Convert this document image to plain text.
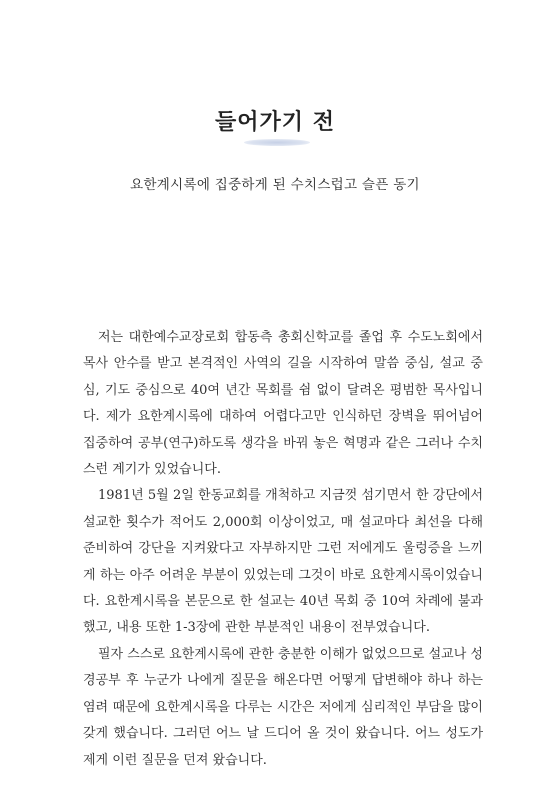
들어가기 전
요한계시록에 집중하게 된 수치스럽고 슬픈 동기

저는 대한예수교장로회 합동측 총회신학교를 졸업 후 수도노회에서 목사 안수를 받고 본격적인 사역의 길을 시작하여 말씀 중심, 설교 중심, 기도 중심으로 40여 년간 목회를 쉼 없이 달려온 평범한 목사입니다. 제가 요한계시록에 대하여 어렵다고만 인식하던 장벽을 뛰어넘어 집중하여 공부(연구)하도록 생각을 바꿔 놓은 혁명과 같은 그러나 수치스런 계기가 있었습니다.

1981년 5월 2일 한동교회를 개척하고 지금껏 섬기면서 한 강단에서 설교한 횟수가 적어도 2,000회 이상이었고, 매 설교마다 최선을 다해 준비하여 강단을 지켜왔다고 자부하지만 그런 저에게도 울렁증을 느끼게 하는 아주 어려운 부분이 있었는데 그것이 바로 요한계시록이었습니다. 요한계시록을 본문으로 한 설교는 40년 목회 중 10여 차례에 불과했고, 내용 또한 1-3장에 관한 부분적인 내용이 전부였습니다.

필자 스스로 요한계시록에 관한 충분한 이해가 없었으므로 설교나 성경공부 후 누군가 나에게 질문을 해온다면 어떻게 답변해야 하나 하는 염려 때문에 요한계시록을 다루는 시간은 저에게 심리적인 부담을 많이 갖게 했습니다. 그러던 어느 날 드디어 올 것이 왔습니다. 어느 성도가 제게 이런 질문을 던져 왔습니다.
